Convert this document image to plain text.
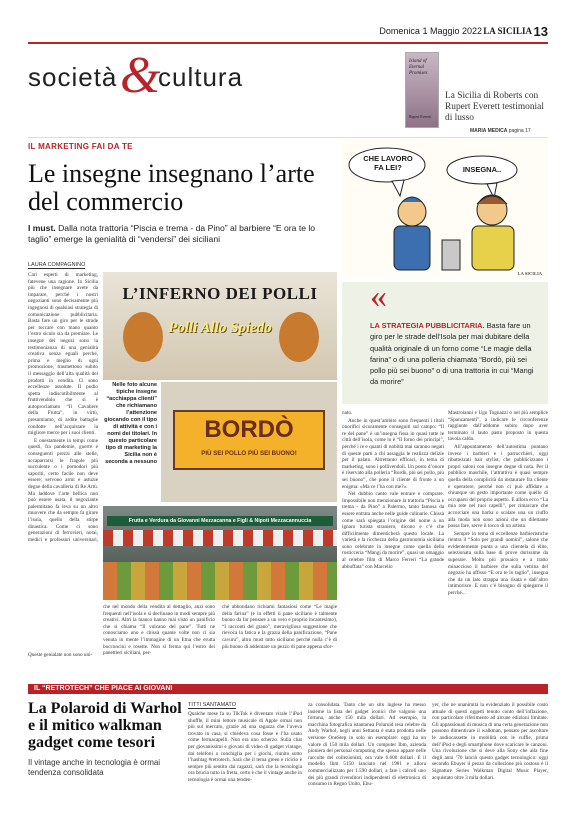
Domenica 1 Maggio 2022 LA SICILIA 13
società &
cultura
Island of Eternal Promises
Rupert Everett
La Sicilia di Roberts con Rupert Everett testimonial di lusso
MARIA MEDICA pagina 17
IL MARKETING FAI DA TE
Le insegne insegnano l’arte del commercio
I must. Dalla nota trattoria “Piscia e trema - da Pino” al barbiere “E ora te lo taglio” emerge la genialità di “vendersi” dei siciliani
LAURA COMPAGNINO
CHE LAVORO FA LEI?	INSEGNA..
LA SICILIA

Cari esperti di marketing, fatevene una ragione. In Sicilia più che insegnare avete da imparare, perché i nostri negozianti sono decisamente più ingegnosi di qualsiasi strategia di comunicazione pubblicitaria. Basta fare un giro per le strade per toccare con mano quanto l’estro siculo sia da premiare. Le insegne dei negozi sono la testimonianza di una genialità creativa senza eguali perché, prima e meglio di ogni promozione, trasmettono subito il messaggio dell’alta qualità dei prodotti in vendita. Ci sono eccellenze assolute. Il podio spetta indiscutibilmente al fruttivendolo che si è autoproclamato “Il Cavaliere della Frutta”, in virtù, presumiamo, di ardite battaglie condotte nell’acquistare la migliore merce per i suoi clienti.

E onestamente in tempi come questi, fra pandemie, guerre e conseguenti prezzi alle stelle, accaparrarsi le fragole più succulente o i pomodori più saporiti, certo facile non deve essere; servono armi e astuzie degne della cavalleria di Re Artù. Ma laddove l’arte bellica non può essere usata, il negoziante palermitano fa leva su un altro muovere che da sempre fa girare l’isola, quello della stirpe dinastica. Come ci sono generazioni di ferrovieri, notai, medici e professori universitari,

Queste genialate non sono uni-
L’INFERNO DEI POLLI
Polli Allo Spiedo
Nelle foto alcune tipiche insegne “acchiappa clienti” che richiamano l’attenzione giocando con il tipo di attività e con i nomi dei titolari. In questo particolare tipo di marketing la Sicilia non è seconda a nessuno
BORDÒ
PIÙ SEI POLLO PIÙ SEI BUONO!
«
LA STRATEGIA PUBBLICITARIA. Basta fare un giro per le strade dell’Isola per mai dubitare della qualità originale di un forno come “Le magie della farina” o di una polleria chiamata “Bordò, più sei pollo più sei buono” o di una trattoria in cui “Mangi da morire”

nato.

Anche in quest’ambito sono frequenti i titoli onorifici sicuramente conseguiti sul campo: “Il re del pane” è un’insegna fissa in quasi tutte le città dell’isola, come lo è “Il forno dei principi”, perché i re e quanti di nobiltà mai saranno negati di queste parti a chi assaggia le realizza delizie per il palato. Altrettanto efficaci, in tema di marketing, sono i pollivendoli. Un posto d’onore è riservato alla polleria “Bordò, più sei pollo, più sei buono”, che pone il cliente di fronte a un enigma: «Ma ce l’ha con me?».

Nel dubbio canto vale entrare e comprare. Impossibile non menzionare la trattoria “Piscia e trema - da Pino” a Palermo, tanto famosa da essere entrata anche nelle guide culinarie. Chissà come sarà spiegata l’origine del nome a un ignaro turista straniero, dicono e c’è che difficilmente dimenticherà questo locale. La varietà e la ricchezza della gastronomia siciliana sono celebrate in insegne come quella della rosticceria “Mangi da morire”, quasi un omaggio al celebre film di Marco Ferreri “La grande abbuffata” con Marcello

Mastroianni e Ugo Tognazzi o nel più semplice “Spanzamenti”, a indicare le circonferenze raggiunte dall’addome subito dopo aver terminato il lauto pasto proposto in questa tavola calda.

All’appuntamento dell’autostima puntano invece i barbieri e i parrucchieri, oggi ribattezzati hair stylist, che pubblicizzano i propri saloni con insegne degne di nota. Per il pubblico maschile, l’attrattiva è quasi sempre quella della complicità da instaurare fra cliente e operatore, perché non ci può affidare a chiunque un gesto importante come quello di occuparsi del proprio aspetto. E allora ecco “La mia rete nel tuoi capelli”, per rimarcare che accorciare una barba o scalare una un ciuffo alla moda non sono azioni che un dilettante possa fare, serve il tocco di un artista.

Sempre in tema di eccellenze barbieristiche rientra il “Solo per grandi uomini”, salone che evidentemente punta a una clientela di élite, selezionata sulla base di prove durissime da superare. Molto più prosaico e a tratto minaccioso il barbiere che sulla vetrina del negozio ha affisso “E ora te lo taglio”, insegna che da un lato strappa una risata e dall’altro intimorisce. E non c’è bisogno di spiegarne il perché...

Frutta e Verdura da Giovanni Mezzacanna e Figli & Nipoti Mezzacannuccia
che nel mondo della vendita al dettaglio, anzi sono frequenti nell’isola e si declinano in modi sempre più creativi. Altri la manco hanno mai visto un panificio che si chiama “Il vulcano del pane”. Tutti ne conosciamo uno e chissà quante volte non ci sia venuta in mente l’immagine di un Etna che erutta bocconcini e rosette. Non si ferma qui l’estro dei panettieri siciliani, per-
ché abbondano richiami fantasiosi come “Le magie della farina” (e in effetti il pane siciliano è talmente buono da far pensare a un vero e proprio incantesimo), “I racconti del grano”, meravigliosa suggestione che rievoca la fatica e la grazia della panificazione, “Pane cavuru”, altro must tutto siciliano perché nulla c’è di più buono di addentare un pezzo di pane appena sfor-
IL “RETROTECH” CHE PIACE AI GIOVANI
La Polaroid di Warhol e il mitico walkman gadget come tesori
Il vintage anche in tecnologia è ormai tendenza consolidata
TITTI SANTAMATO
Qualche mese fa su TikTok è diventato virale l’iPod shuffle, il mini lettore musicale di Apple ormai non più sul mercato, grazie ad una ragazza che l’aveva trovato in casa, si chiedeva cosa fosse e l’ha usato come fermacapelli. Non era uno scherzo. Sulla chat per giovanissimi e giovani di video di gadget vintage, dai telefoni a conchiglia per i giochi, riunito sotto l’hashtag #retrotech. Sarà che il tema green e riciclo è sempre più sentito dai ragazzi, sarà che la tecnologia ora brucia tutto in fretta, certo è che il vintage anche in tecnologia è ormai una tenden-
za consolidata. Tanto che un sito inglese ha messo insieme la lista dei gadget iconici che valgono una fortuna, anche 150 mila dollari. Ad esempio, la macchina fotografica istantanea Polaroid resa celebre da Andy Warhol, negli anni Settanta è stata prodotta nelle versione OneStep in solo un esemplare: oggi ha un valore di 150 mila dollari. Un computer Ibm, azienda pioniera del personal computing che spesso appare nelle raccolte dei collezionisti, ora vale 6.600 dollari. E il modello Ibm 5150 lanciato nel 1981 e allora commercializzato per 1.590 dollari, a fare i calcoli uno dei più grandi rivenditori indipendenti di elettronica di consumo in Regno Unito, Ebu-
yer, che ne unanimità la evidenziato il possibile costo attuale di questi oggetti tenuto conto dell’inflazione, con particolare riferimento ad alcune edizioni limitate. Gli appassionati di musica di una certa generazione non possono dimenticare il walkman, pensato per ascoltare le audiocassette in mobilità con le cuffie, prima dell’iPod e degli smartphone dove scaricare le canzoni. Una rivoluzione che si deve alla Sony che alla fine degli anni ’70 lanciò questo gadget tecnologico: oggi secondo Ebuyer il pezzo da collezione più costoso è il Signature Series Walkman Digital Music Player, acquistato oltre 3 mila dollari.
